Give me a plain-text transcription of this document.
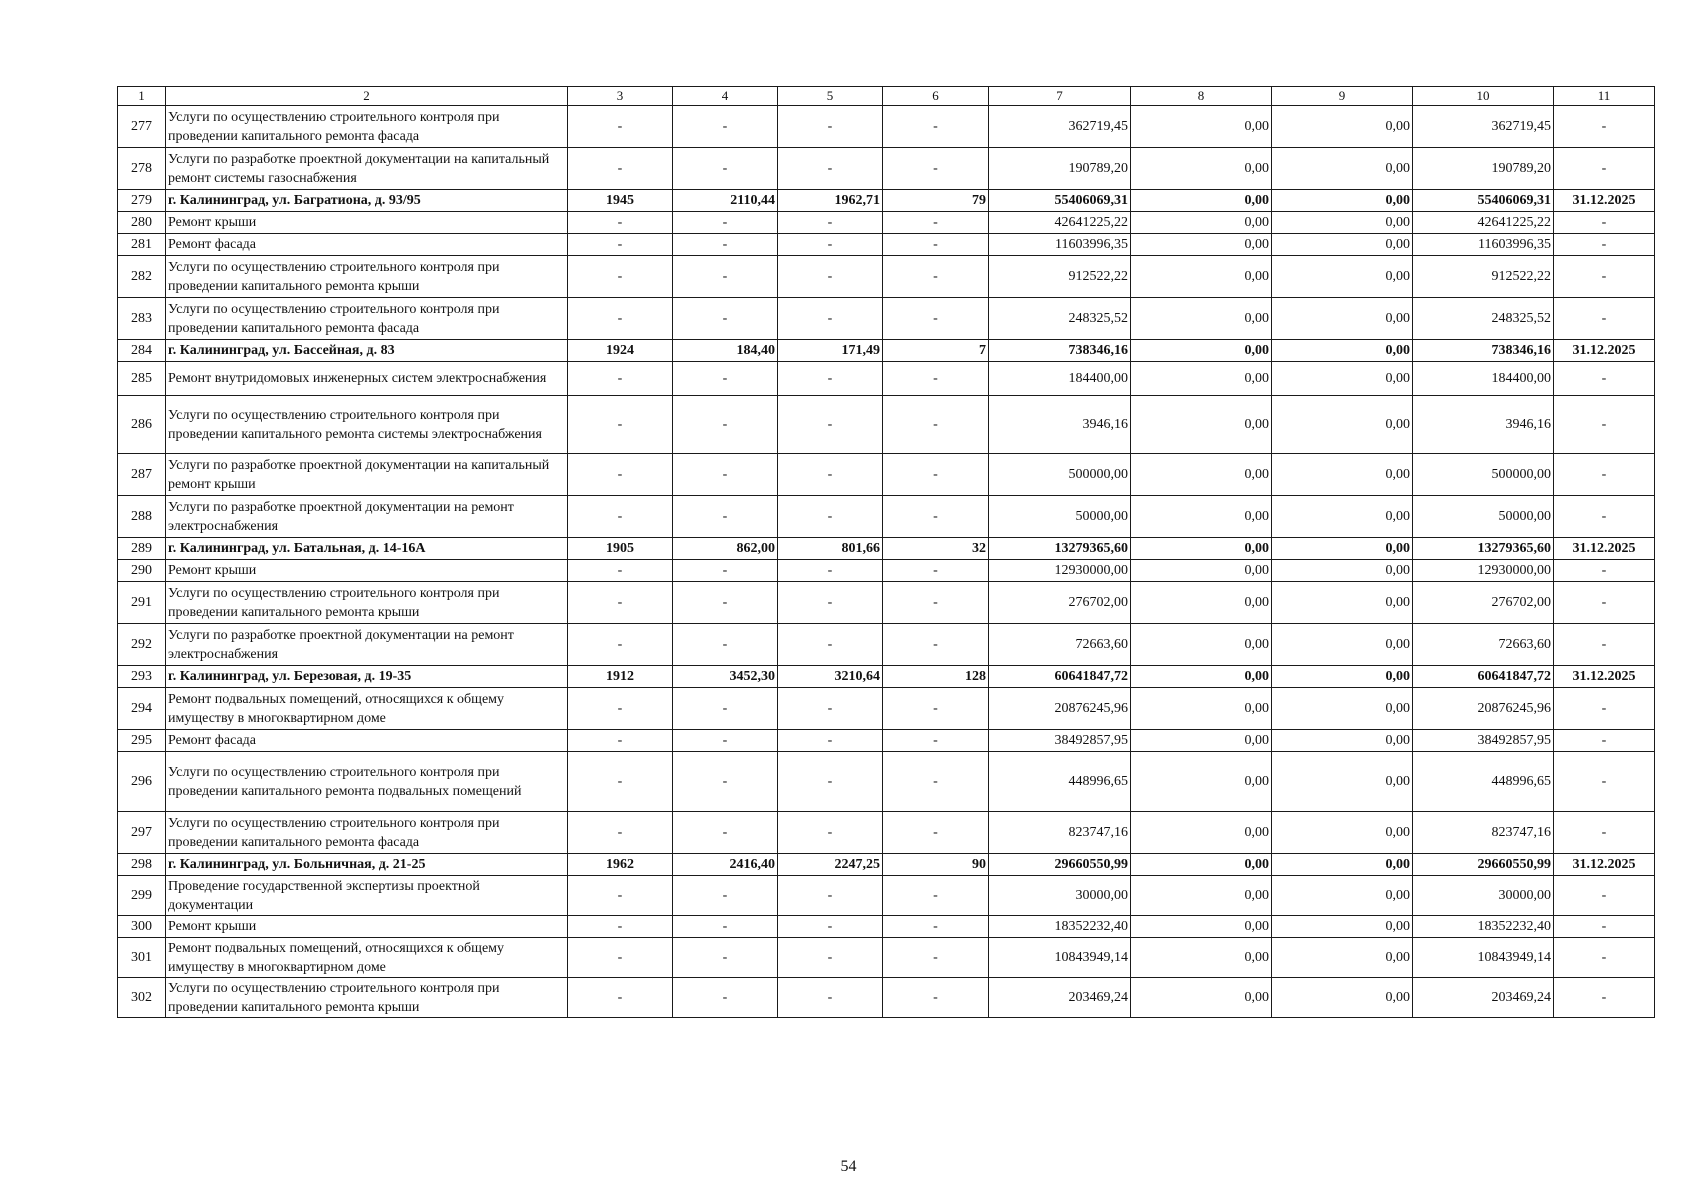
1	2	3	4	5	6	7	8	9	10	11
277	Услуги по осуществлению строительного контроля при проведении капитального ремонта фасада	-	-	-	-	362719,45	0,00	0,00	362719,45	-
278	Услуги по разработке проектной документации на капитальный ремонт системы газоснабжения	-	-	-	-	190789,20	0,00	0,00	190789,20	-
279	г. Калининград, ул. Багратиона, д. 93/95	1945	2110,44	1962,71	79	55406069,31	0,00	0,00	55406069,31	31.12.2025
280	Ремонт крыши	-	-	-	-	42641225,22	0,00	0,00	42641225,22	-
281	Ремонт фасада	-	-	-	-	11603996,35	0,00	0,00	11603996,35	-
282	Услуги по осуществлению строительного контроля при проведении капитального ремонта крыши	-	-	-	-	912522,22	0,00	0,00	912522,22	-
283	Услуги по осуществлению строительного контроля при проведении капитального ремонта фасада	-	-	-	-	248325,52	0,00	0,00	248325,52	-
284	г. Калининград, ул. Бассейная, д. 83	1924	184,40	171,49	7	738346,16	0,00	0,00	738346,16	31.12.2025
285	Ремонт внутридомовых инженерных систем электроснабжения	-	-	-	-	184400,00	0,00	0,00	184400,00	-
286	Услуги по осуществлению строительного контроля при проведении капитального ремонта системы электроснабжения	-	-	-	-	3946,16	0,00	0,00	3946,16	-
287	Услуги по разработке проектной документации на капитальный ремонт крыши	-	-	-	-	500000,00	0,00	0,00	500000,00	-
288	Услуги по разработке проектной документации на ремонт электроснабжения	-	-	-	-	50000,00	0,00	0,00	50000,00	-
289	г. Калининград, ул. Батальная, д. 14-16А	1905	862,00	801,66	32	13279365,60	0,00	0,00	13279365,60	31.12.2025
290	Ремонт крыши	-	-	-	-	12930000,00	0,00	0,00	12930000,00	-
291	Услуги по осуществлению строительного контроля при проведении капитального ремонта крыши	-	-	-	-	276702,00	0,00	0,00	276702,00	-
292	Услуги по разработке проектной документации на ремонт электроснабжения	-	-	-	-	72663,60	0,00	0,00	72663,60	-
293	г. Калининград, ул. Березовая, д. 19-35	1912	3452,30	3210,64	128	60641847,72	0,00	0,00	60641847,72	31.12.2025
294	Ремонт подвальных помещений, относящихся к общему имуществу в многоквартирном доме	-	-	-	-	20876245,96	0,00	0,00	20876245,96	-
295	Ремонт фасада	-	-	-	-	38492857,95	0,00	0,00	38492857,95	-
296	Услуги по осуществлению строительного контроля при проведении капитального ремонта подвальных помещений	-	-	-	-	448996,65	0,00	0,00	448996,65	-
297	Услуги по осуществлению строительного контроля при проведении капитального ремонта фасада	-	-	-	-	823747,16	0,00	0,00	823747,16	-
298	г. Калининград, ул. Больничная, д. 21-25	1962	2416,40	2247,25	90	29660550,99	0,00	0,00	29660550,99	31.12.2025
299	Проведение государственной экспертизы проектной документации	-	-	-	-	30000,00	0,00	0,00	30000,00	-
300	Ремонт крыши	-	-	-	-	18352232,40	0,00	0,00	18352232,40	-
301	Ремонт подвальных помещений, относящихся к общему имуществу в многоквартирном доме	-	-	-	-	10843949,14	0,00	0,00	10843949,14	-
302	Услуги по осуществлению строительного контроля при проведении капитального ремонта крыши	-	-	-	-	203469,24	0,00	0,00	203469,24	-
54
